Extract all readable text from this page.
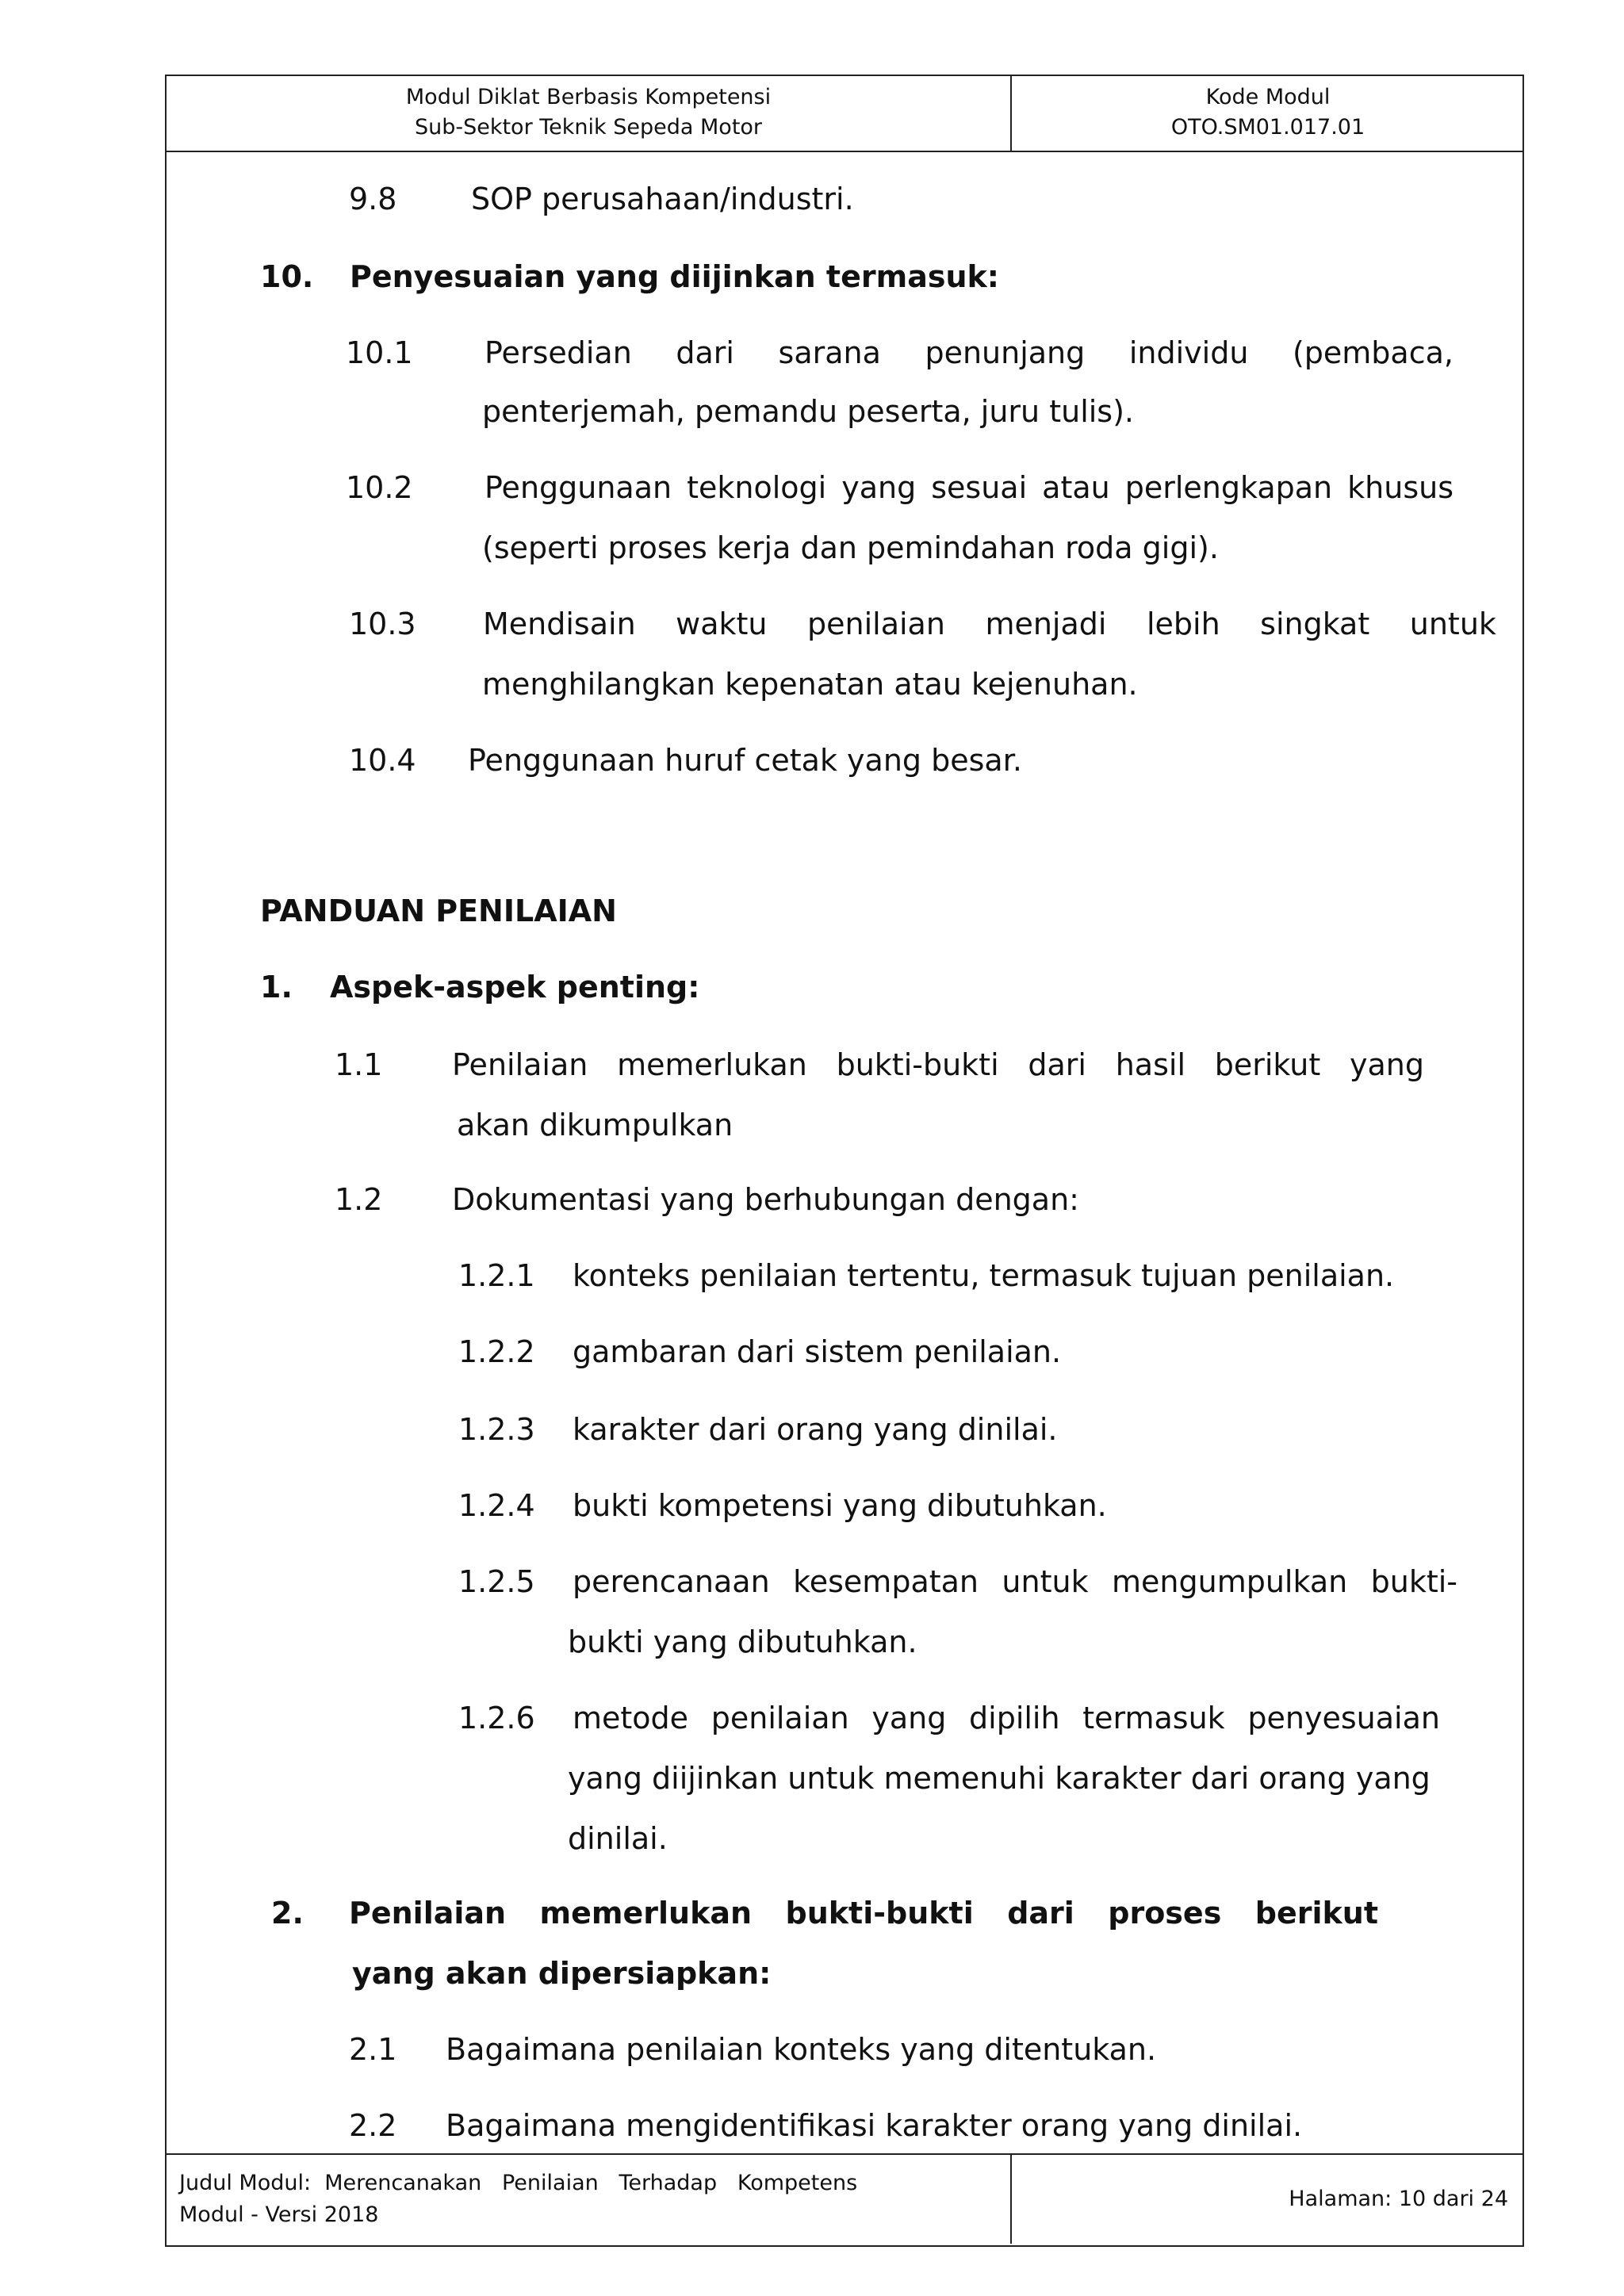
Modul Diklat Berbasis Kompetensi
Sub-Sektor Teknik Sepeda Motor
Kode Modul
OTO.SM01.017.01
Judul Modul:  Merencanakan   Penilaian   Terhadap   Kompetens
Modul - Versi 2018
Halaman: 10 dari 24
9.8 SOP perusahaan/industri.
10. Penyesuaian yang diijinkan termasuk:
10.1 Persedian dari sarana penunjang individu (pembaca,
penterjemah, pemandu peserta, juru tulis).
10.2 Penggunaan teknologi yang sesuai atau perlengkapan khusus
(seperti proses kerja dan pemindahan roda gigi).
10.3 Mendisain waktu penilaian menjadi lebih singkat untuk
menghilangkan kepenatan atau kejenuhan.
10.4 Penggunaan huruf cetak yang besar.
PANDUAN PENILAIAN
1. Aspek-aspek penting:
1.1 Penilaian memerlukan bukti-bukti dari hasil berikut yang
akan dikumpulkan
1.2 Dokumentasi yang berhubungan dengan:
1.2.1 konteks penilaian tertentu, termasuk tujuan penilaian.
1.2.2 gambaran dari sistem penilaian.
1.2.3 karakter dari orang yang dinilai.
1.2.4 bukti kompetensi yang dibutuhkan.
1.2.5 perencanaan kesempatan untuk mengumpulkan bukti-
bukti yang dibutuhkan.
1.2.6 metode penilaian yang dipilih termasuk penyesuaian
yang diijinkan untuk memenuhi karakter dari orang yang
dinilai.
2. Penilaian memerlukan bukti-bukti dari proses berikut
yang akan dipersiapkan:
2.1 Bagaimana penilaian konteks yang ditentukan.
2.2 Bagaimana mengidentifikasi karakter orang yang dinilai.
